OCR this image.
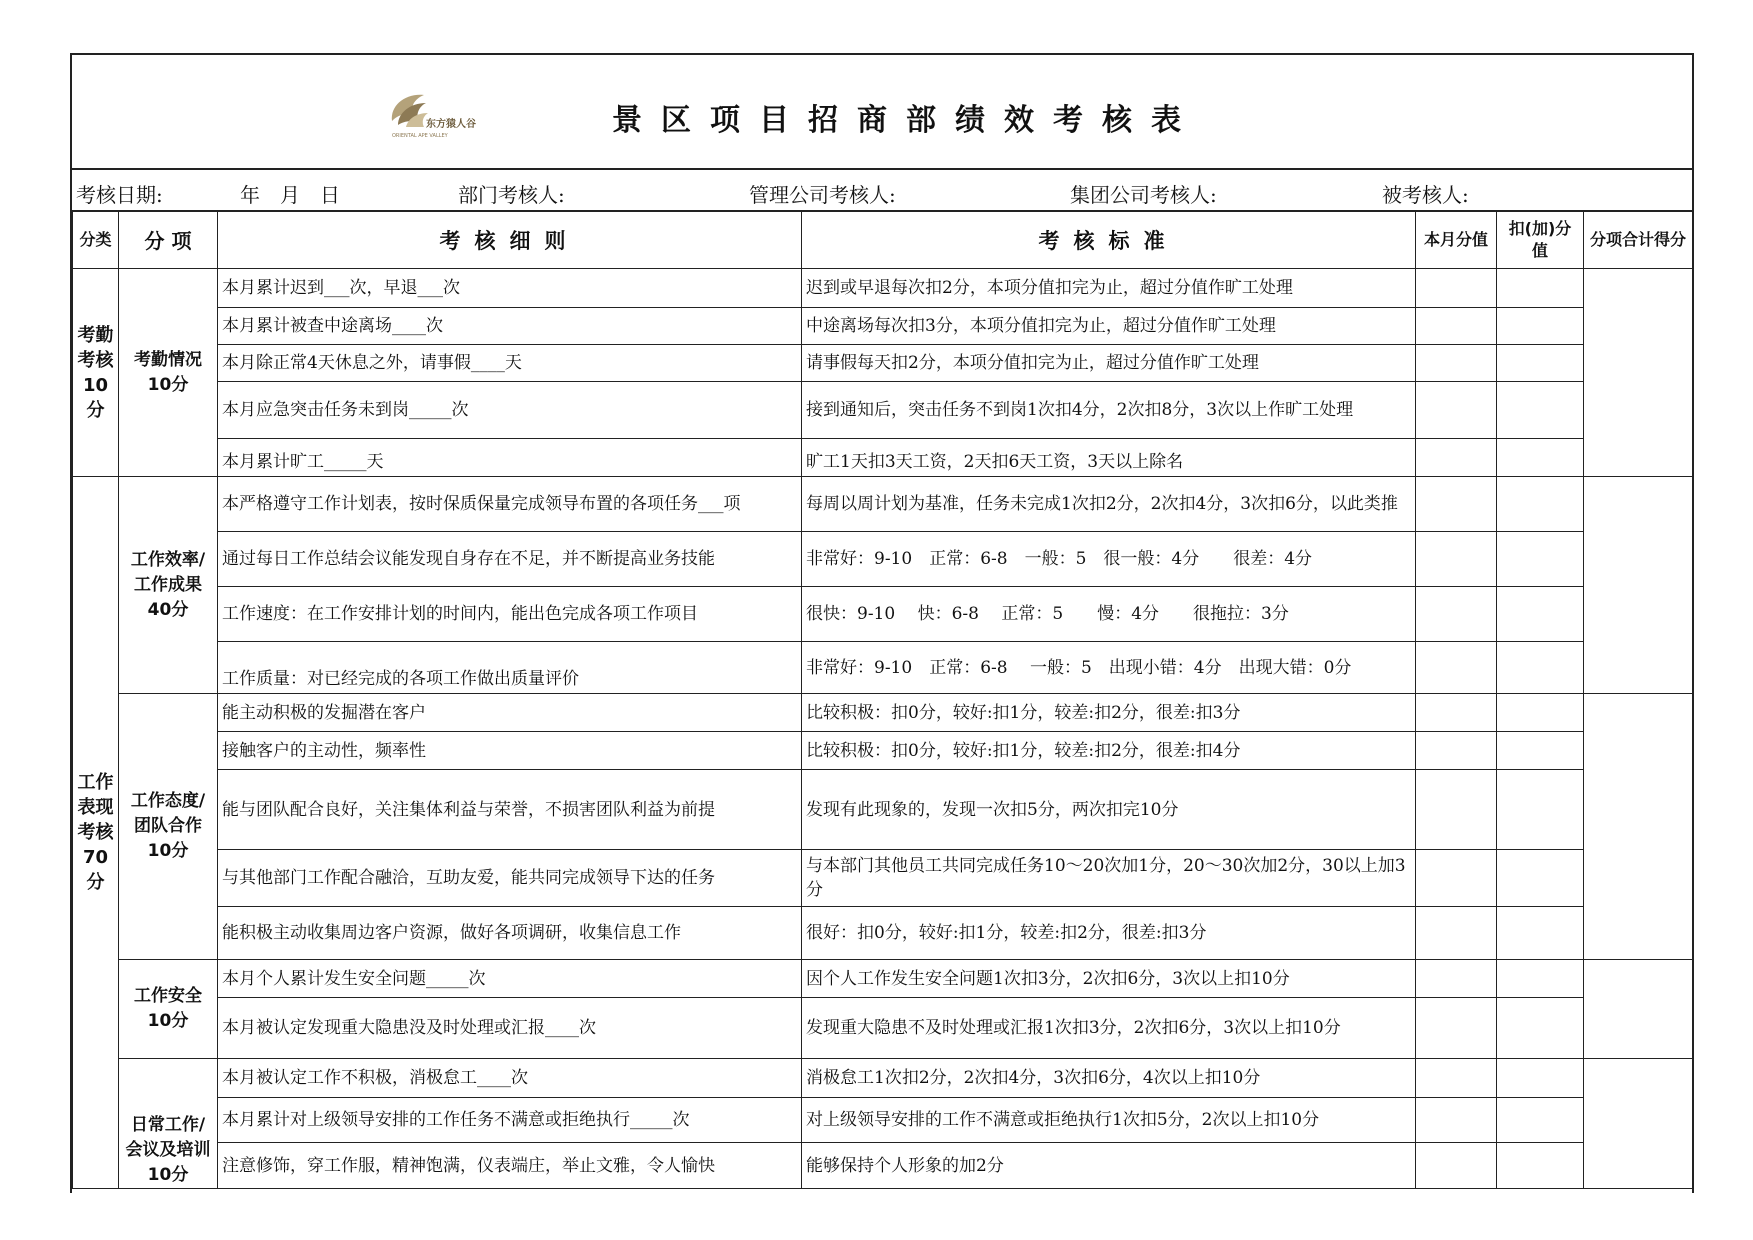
东方猿人谷
ORIENTAL APE VALLEY	景区项目招商部绩效考核表
考核日期:	年　月　日	部门考核人:	管理公司考核人:	集团公司考核人:	被考核人:
分类	分 项	考核细则	考核标准	本月分值	扣(加)分值	分项合计得分
考勤考核10分	考勤情况10分	本月累计迟到___次，早退___次	迟到或早退每次扣2分，本项分值扣完为止，超过分值作旷工处理			
		本月累计被查中途离场____次	中途离场每次扣3分，本项分值扣完为止，超过分值作旷工处理			
		本月除正常4天休息之外，请事假____天	请事假每天扣2分，本项分值扣完为止，超过分值作旷工处理			
		本月应急突击任务未到岗_____次	接到通知后，突击任务不到岗1次扣4分，2次扣8分，3次以上作旷工处理			
		本月累计旷工_____天	旷工1天扣3天工资，2天扣6天工资，3天以上除名			
工作表现考核70分	工作效率/工作成果40分	本严格遵守工作计划表，按时保质保量完成领导布置的各项任务___项	每周以周计划为基准，任务未完成1次扣2分，2次扣4分，3次扣6分，以此类推			
		通过每日工作总结会议能发现自身存在不足，并不断提高业务技能	非常好：9-10　正常：6-8　一般：5　很一般：4分　　很差：4分			
		工作速度：在工作安排计划的时间内，能出色完成各项工作项目	很快：9-10　 快：6-8　 正常：5　　慢：4分　　很拖拉：3分			
		工作质量：对已经完成的各项工作做出质量评价	非常好：9-10　正常：6-8　 一般：5　出现小错：4分　出现大错：0分			
	工作态度/团队合作10分	能主动积极的发掘潜在客户	比较积极：扣0分，较好:扣1分，较差:扣2分，很差:扣3分			
		接触客户的主动性，频率性	比较积极：扣0分，较好:扣1分，较差:扣2分，很差:扣4分			
		能与团队配合良好，关注集体利益与荣誉，不损害团队利益为前提	发现有此现象的，发现一次扣5分，两次扣完10分			
		与其他部门工作配合融洽，互助友爱，能共同完成领导下达的任务	与本部门其他员工共同完成任务10～20次加1分，20～30次加2分，30以上加3分			
		能积极主动收集周边客户资源，做好各项调研，收集信息工作	很好：扣0分，较好:扣1分，较差:扣2分，很差:扣3分			
	工作安全10分	本月个人累计发生安全问题_____次	因个人工作发生安全问题1次扣3分，2次扣6分，3次以上扣10分			
		本月被认定发现重大隐患没及时处理或汇报____次	发现重大隐患不及时处理或汇报1次扣3分，2次扣6分，3次以上扣10分			
	日常工作/会议及培训10分	本月被认定工作不积极，消极怠工____次	消极怠工1次扣2分，2次扣4分，3次扣6分，4次以上扣10分			
		本月累计对上级领导安排的工作任务不满意或拒绝执行_____次	对上级领导安排的工作不满意或拒绝执行1次扣5分，2次以上扣10分			
		注意修饰，穿工作服，精神饱满，仪表端庄，举止文雅，令人愉快	能够保持个人形象的加2分			
